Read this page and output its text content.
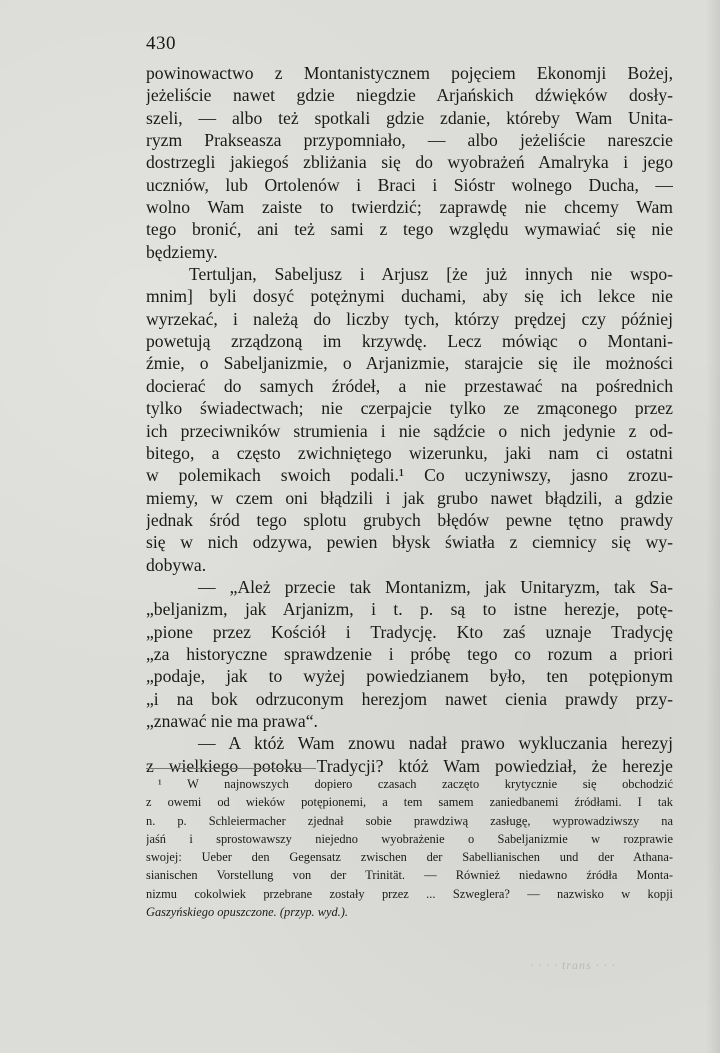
430
powinowactwo z Montanistycznem pojęciem Ekonomji Bożej,
jeżeliście nawet gdzie niegdzie Arjańskich dźwięków dosły-
szeli, — albo też spotkali gdzie zdanie, któreby Wam Unita-
ryzm Prakseasza przypomniało, — albo jeżeliście nareszcie
dostrzegli jakiegoś zbliżania się do wyobrażeń Amalryka i jego
uczniów, lub Ortolenów i Braci i Sióstr wolnego Ducha, —
wolno Wam zaiste to twierdzić; zaprawdę nie chcemy Wam
tego bronić, ani też sami z tego względu wymawiać się nie
będziemy.
Tertuljan, Sabeljusz i Arjusz [że już innych nie wspo-
mnim] byli dosyć potężnymi duchami, aby się ich lekce nie
wyrzekać, i należą do liczby tych, którzy prędzej czy później
powetują zrządzoną im krzywdę. Lecz mówiąc o Montani-
źmie, o Sabeljanizmie, o Arjanizmie, starajcie się ile możności
docierać do samych źródeł, a nie przestawać na pośrednich
tylko świadectwach; nie czerpajcie tylko ze zmąconego przez
ich przeciwników strumienia i nie sądźcie o nich jedynie z od-
bitego, a często zwichniętego wizerunku, jaki nam ci ostatni
w polemikach swoich podali.¹ Co uczyniwszy, jasno zrozu-
miemy, w czem oni błądzili i jak grubo nawet błądzili, a gdzie
jednak śród tego splotu grubych błędów pewne tętno prawdy
się w nich odzywa, pewien błysk światła z ciemnicy się wy-
dobywa.
— „Ależ przecie tak Montanizm, jak Unitaryzm, tak Sa-
„beljanizm, jak Arjanizm, i t. p. są to istne herezje, potę-
„pione przez Kościół i Tradycję. Kto zaś uznaje Tradycję
„za historyczne sprawdzenie i próbę tego co rozum a priori
„podaje, jak to wyżej powiedzianem było, ten potępionym
„i na bok odrzuconym herezjom nawet cienia prawdy przy-
„znawać nie ma prawa“.
— A któż Wam znowu nadał prawo wykluczania herezyj
z wielkiego potoku Tradycji? któż Wam powiedział, że herezje
¹ W najnowszych dopiero czasach zaczęto krytycznie się obchodzić
z owemi od wieków potępionemi, a tem samem zaniedbanemi źródłami. I tak
n. p. Schleiermacher zjednał sobie prawdziwą zasługę, wyprowadziwszy na
jaśń i sprostowawszy niejedno wyobrażenie o Sabeljanizmie w rozprawie
swojej: Ueber den Gegensatz zwischen der Sabellianischen und der Athana-
sianischen Vorstellung von der Trinität. — Również niedawno źródła Monta-
nizmu cokolwiek przebrane zostały przez ... Szweglera? — nazwisko w kopji
Gaszyńskiego opuszczone. (przyp. wyd.).
· · · · trans · · ·
